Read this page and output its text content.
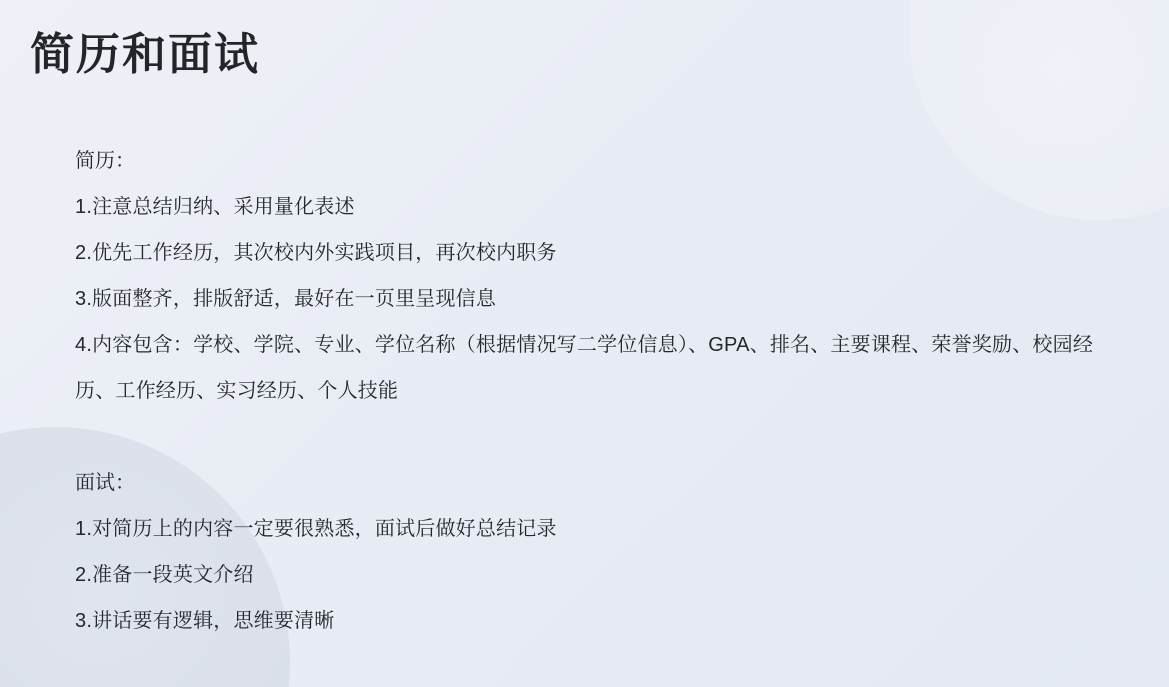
简历和面试
简历：
1.注意总结归纳、采用量化表述
2.优先工作经历，其次校内外实践项目，再次校内职务
3.版面整齐，排版舒适，最好在一页里呈现信息
4.内容包含：学校、学院、专业、学位名称（根据情况写二学位信息）、GPA、排名、主要课程、荣誉奖励、校园经历、工作经历、实习经历、个人技能
面试：
1.对简历上的内容一定要很熟悉，面试后做好总结记录
2.准备一段英文介绍
3.讲话要有逻辑，思维要清晰
